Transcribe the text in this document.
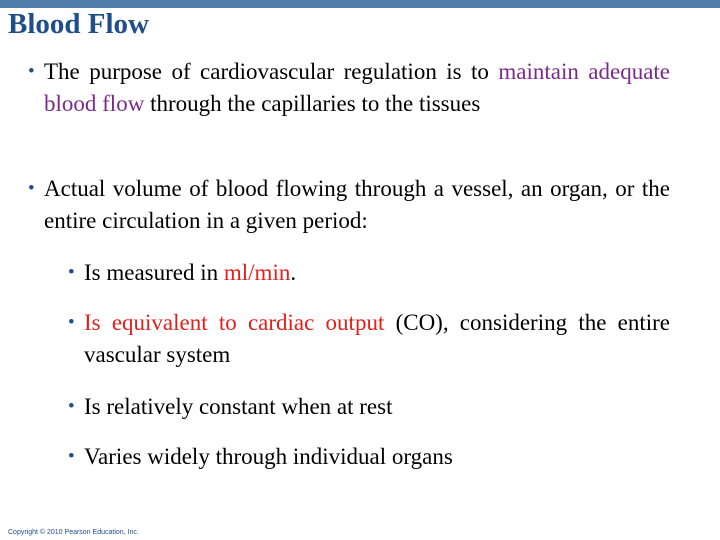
Blood Flow
• The purpose of cardiovascular regulation is to maintain adequate blood flow through the capillaries to the tissues
• Actual volume of blood flowing through a vessel, an organ, or the entire circulation in a given period:
• Is measured in ml/min.
• Is equivalent to cardiac output (CO), considering the entire vascular system
• Is relatively constant when at rest
• Varies widely through individual organs
Copyright © 2010 Pearson Education, Inc.
